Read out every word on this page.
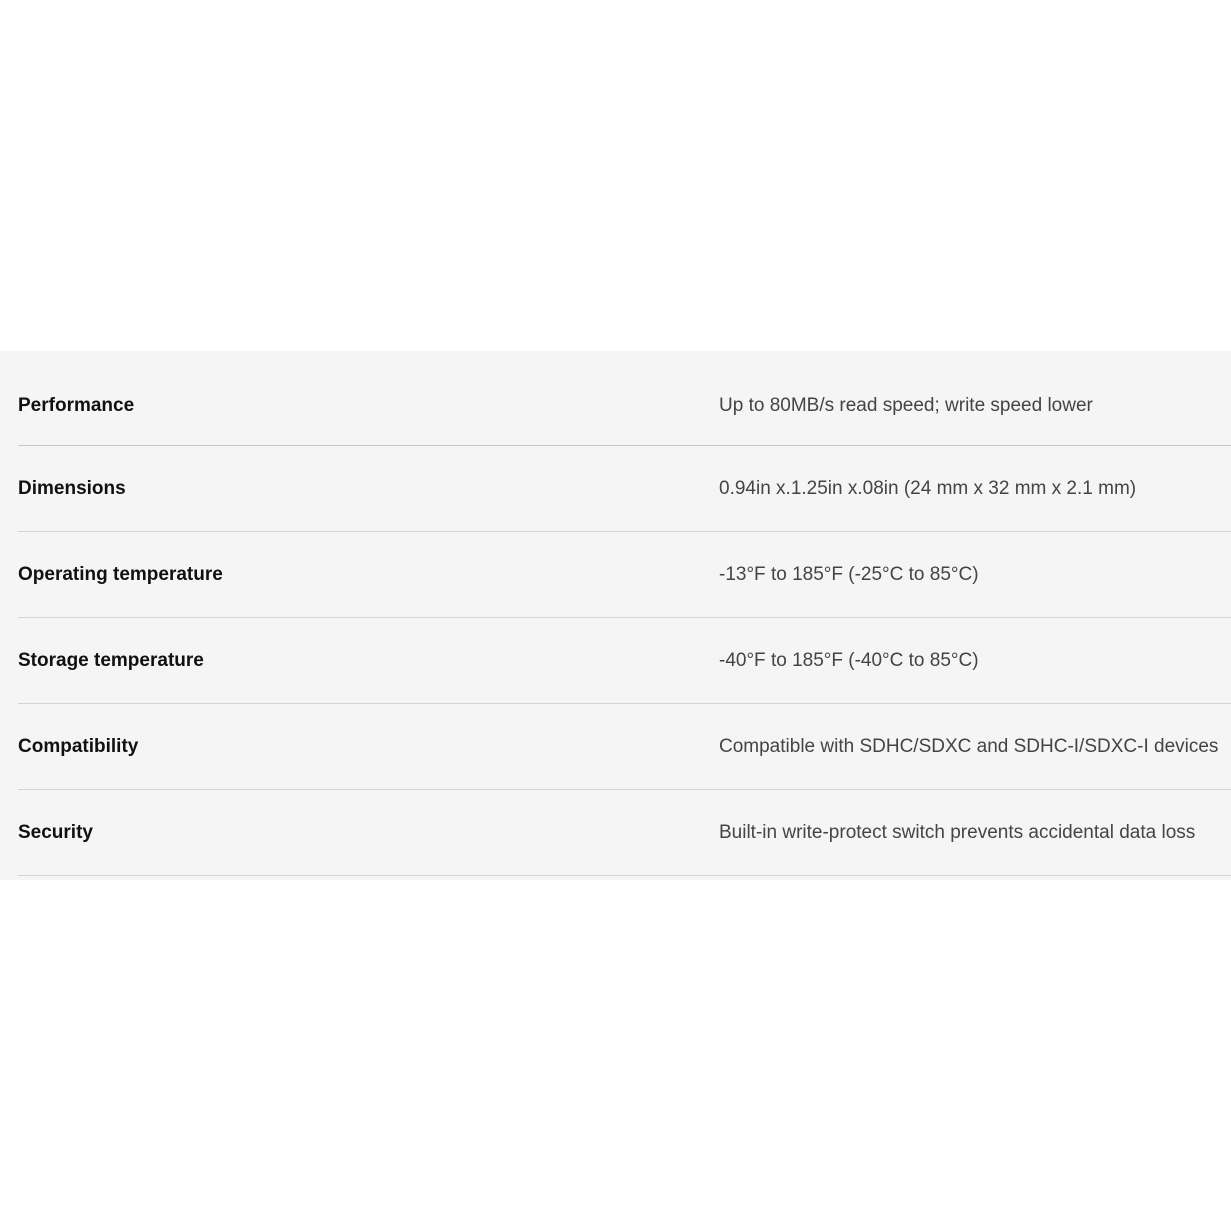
Performance	Up to 80MB/s read speed; write speed lower
Dimensions	0.94in x.1.25in x.08in (24 mm x 32 mm x 2.1 mm)
Operating temperature	-13°F to 185°F (-25°C to 85°C)
Storage temperature	-40°F to 185°F (-40°C to 85°C)
Compatibility	Compatible with SDHC/SDXC and SDHC-I/SDXC-I devices
Security	Built-in write-protect switch prevents accidental data loss
